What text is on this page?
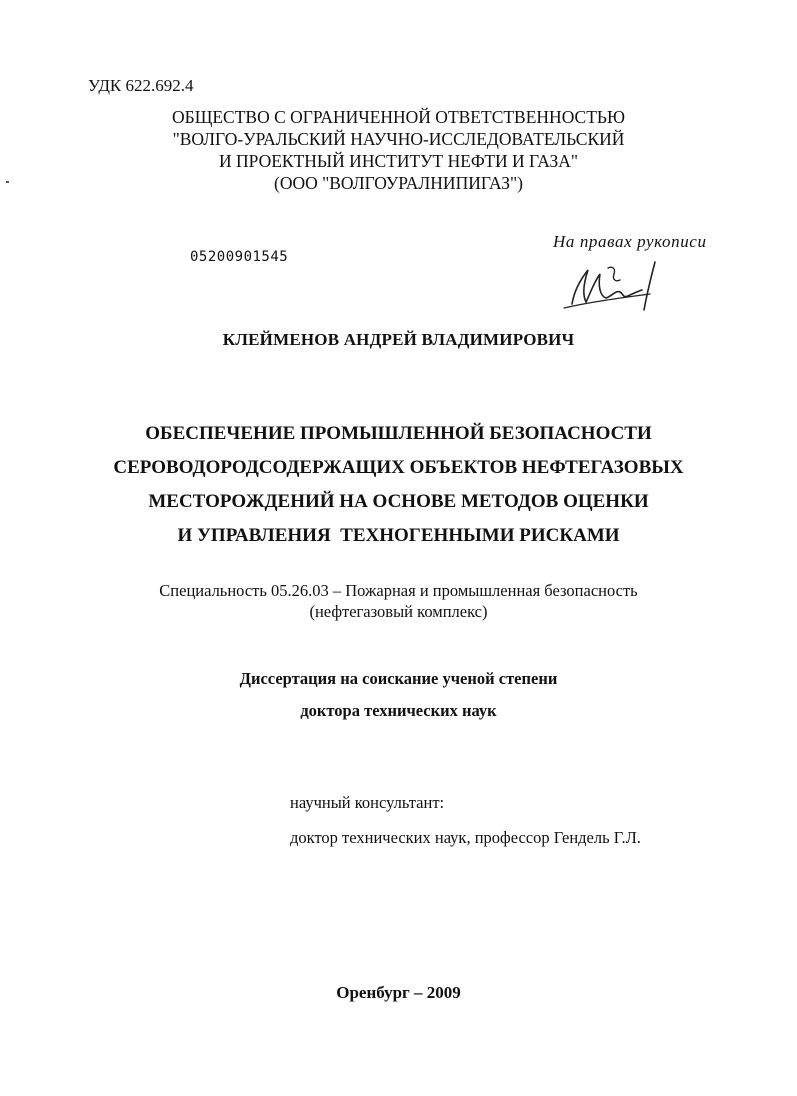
УДК 622.692.4
ОБЩЕСТВО С ОГРАНИЧЕННОЙ ОТВЕТСТВЕННОСТЬЮ
"ВОЛГО-УРАЛЬСКИЙ НАУЧНО-ИССЛЕДОВАТЕЛЬСКИЙ
И ПРОЕКТНЫЙ ИНСТИТУТ НЕФТИ И ГАЗА"
(ООО "ВОЛГОУРАЛНИПИГАЗ")
05200901545
На правах рукописи
КЛЕЙМЕНОВ АНДРЕЙ ВЛАДИМИРОВИЧ
ОБЕСПЕЧЕНИЕ ПРОМЫШЛЕННОЙ БЕЗОПАСНОСТИ
СЕРОВОДОРОДСОДЕРЖАЩИХ ОБЪЕКТОВ НЕФТЕГАЗОВЫХ
МЕСТОРОЖДЕНИЙ НА ОСНОВЕ МЕТОДОВ ОЦЕНКИ
И УПРАВЛЕНИЯ  ТЕХНОГЕННЫМИ РИСКАМИ
Специальность 05.26.03 – Пожарная и промышленная безопасность
(нефтегазовый комплекс)
Диссертация на соискание ученой степени
доктора технических наук
научный консультант:
доктор технических наук, профессор Гендель Г.Л.
Оренбург – 2009
